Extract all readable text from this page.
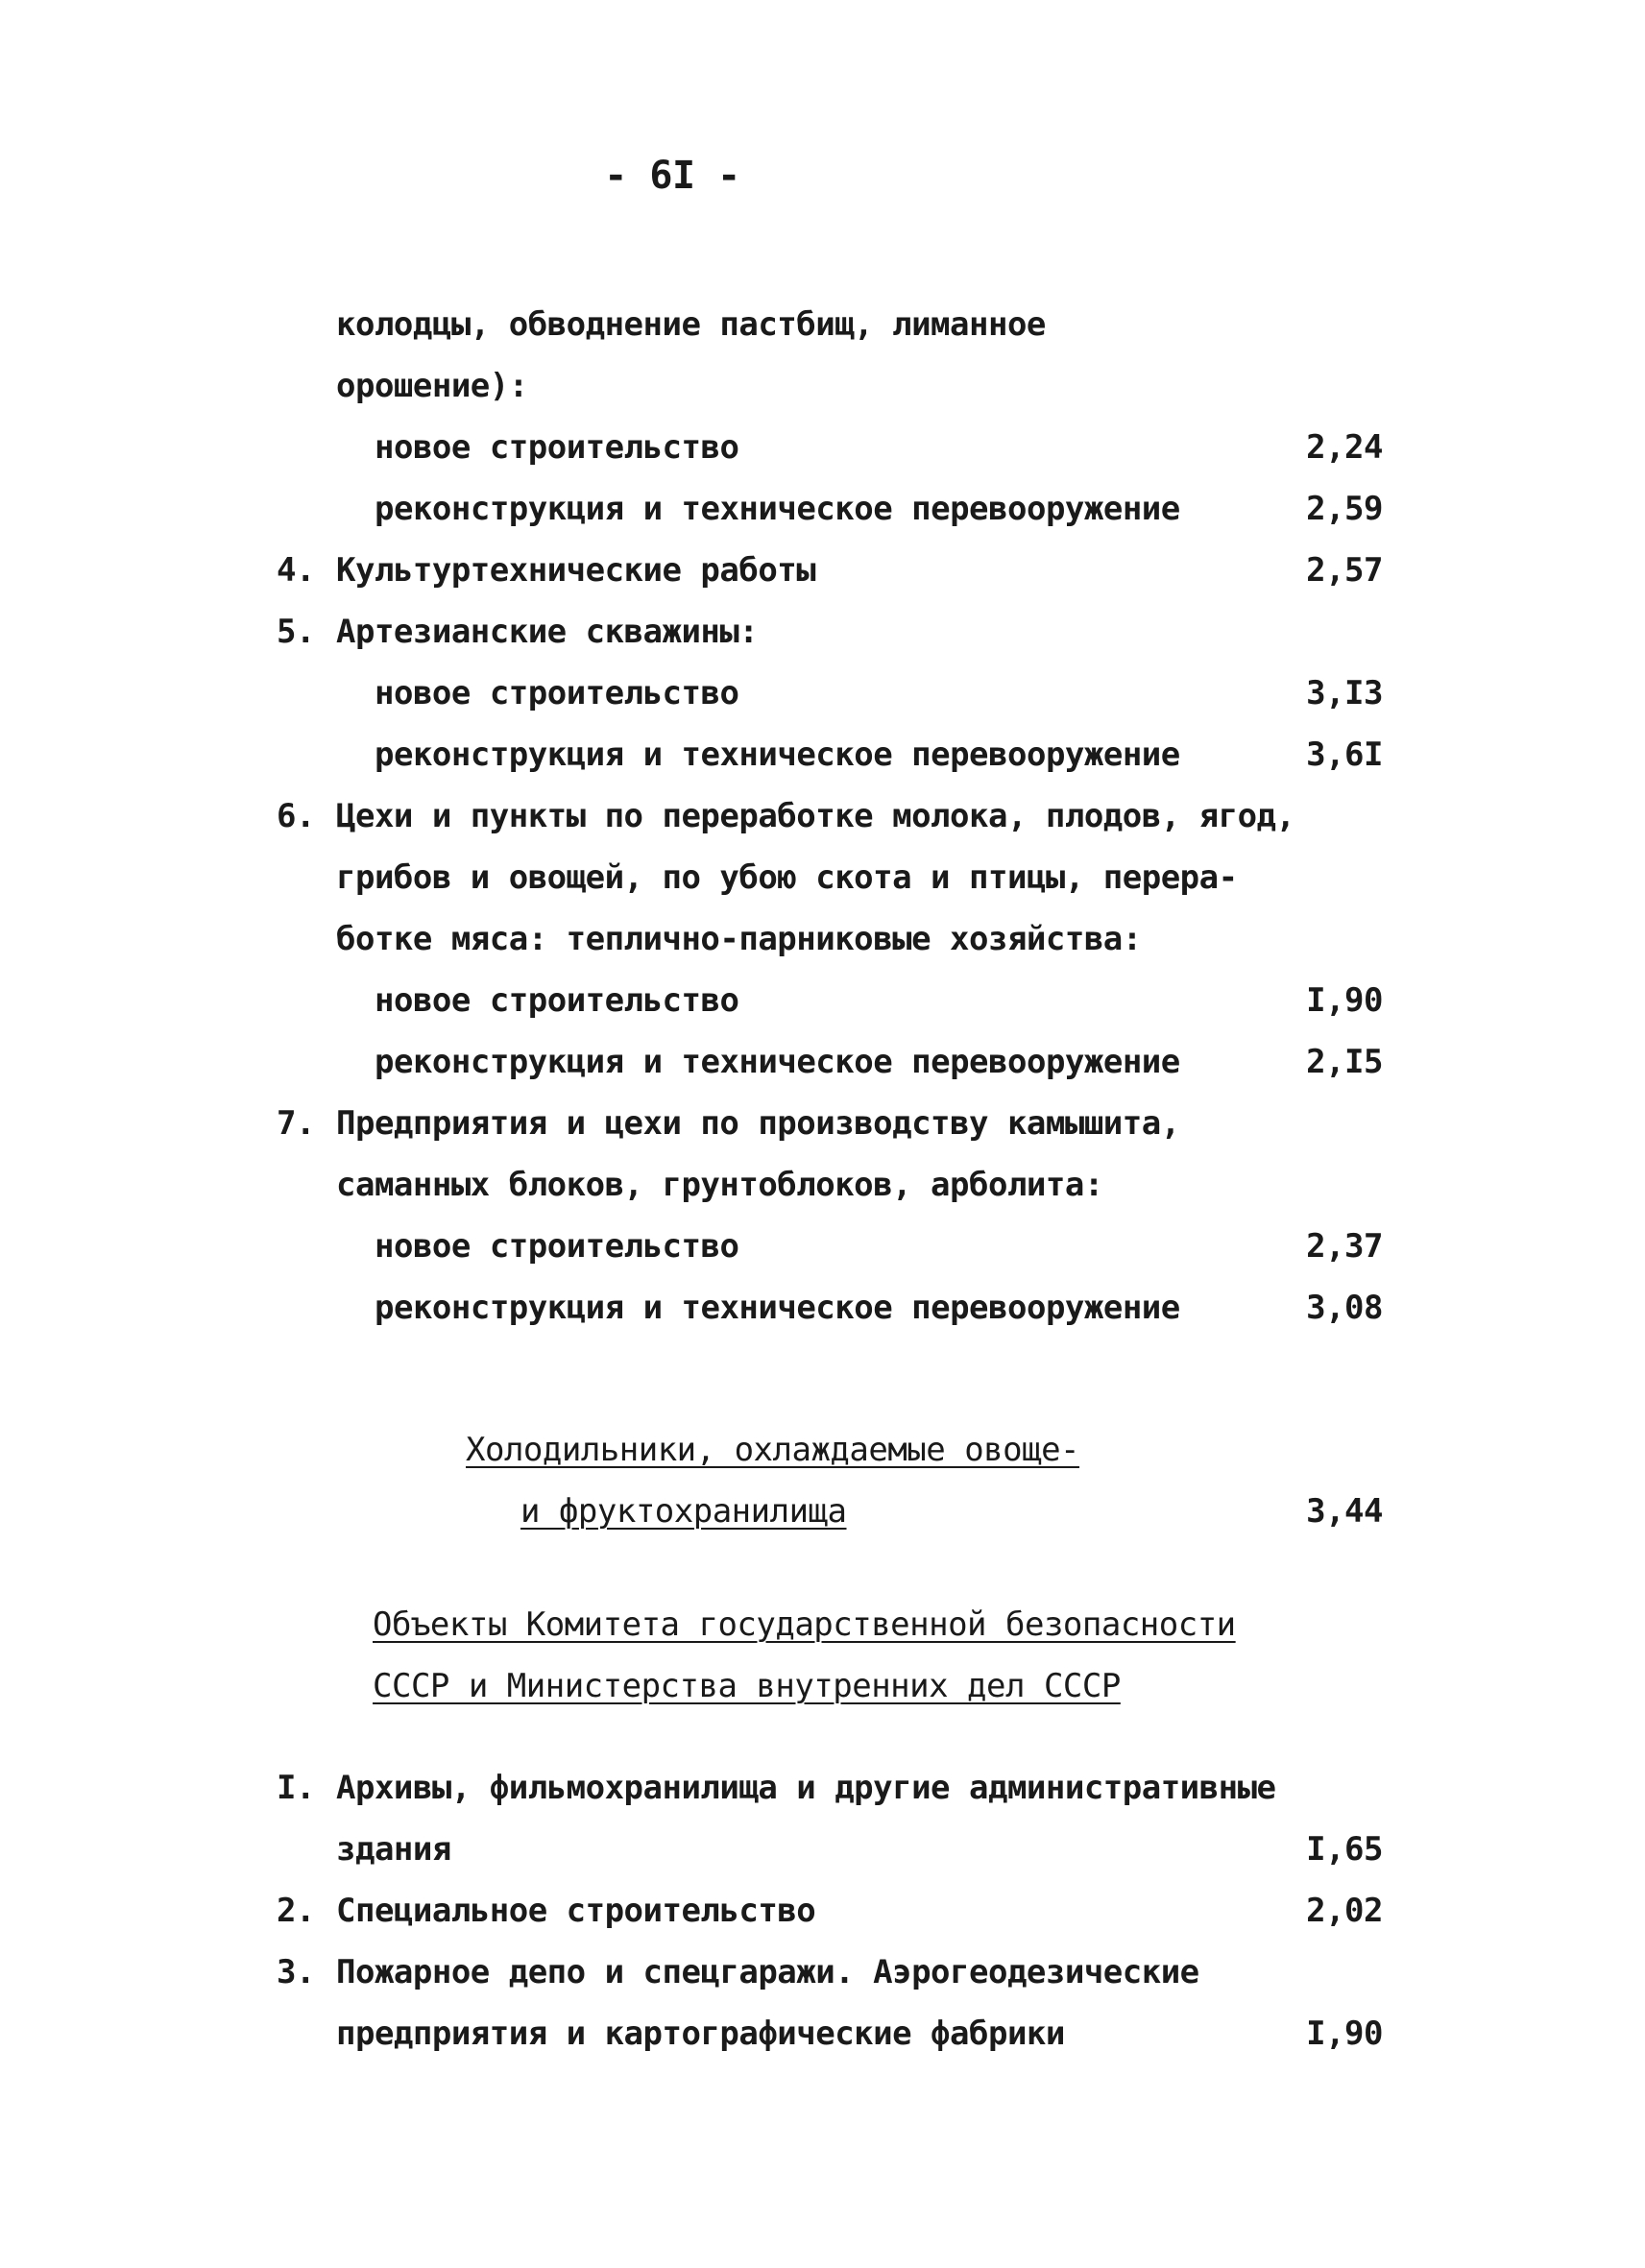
- 6I -
колодцы, обводнение пастбищ, лиманное
орошение):
новое строительство	2,24
реконструкция и техническое перевооружение	2,59
4. Культуртехнические работы	2,57
5. Артезианские скважины:
новое строительство	3,I3
реконструкция и техническое перевооружение	3,6I
6. Цехи и пункты по переработке молока, плодов, ягод,
грибов и овощей, по убою скота и птицы, перера-
ботке мяса: теплично-парниковые хозяйства:
новое строительство	I,90
реконструкция и техническое перевооружение	2,I5
7. Предприятия и цехи по производству камышита,
саманных блоков, грунтоблоков, арболита:
новое строительство	2,37
реконструкция и техническое перевооружение	3,08
Холодильники, охлаждаемые овоще-
и фруктохранилища	3,44
Объекты Комитета государственной безопасности
СССР и Министерства внутренних дел СССР
I. Архивы, фильмохранилища и другие административные
здания	I,65
2. Специальное строительство	2,02
3. Пожарное депо и спецгаражи. Аэрогеодезические
предприятия и картографические фабрики	I,90
